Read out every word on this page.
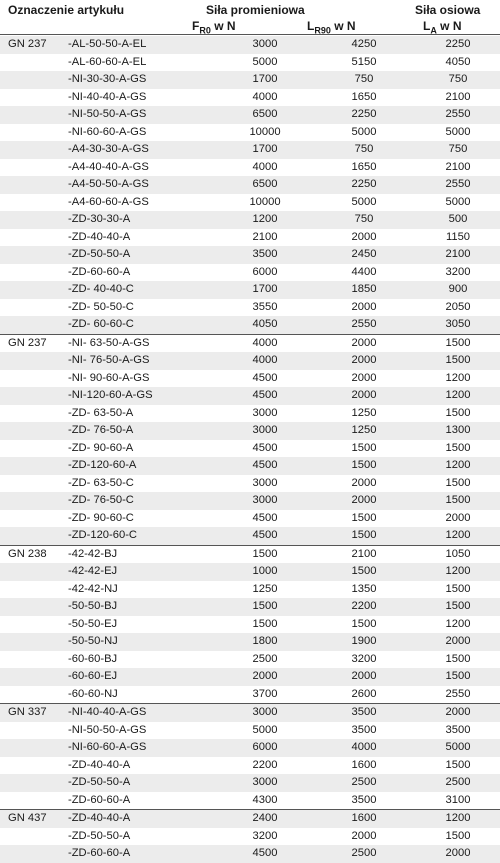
Oznaczenie artykułu	Siła promieniowa	Siła osiowa
$F_{R0}$ w N	$L_{R90}$ w N	$L_A$ w N
GN 237	-AL-50-50-A-EL	3000	4250	2250
	-AL-60-60-A-EL	5000	5150	4050
	-NI-30-30-A-GS	1700	750	750
	-NI-40-40-A-GS	4000	1650	2100
	-NI-50-50-A-GS	6500	2250	2550
	-NI-60-60-A-GS	10000	5000	5000
	-A4-30-30-A-GS	1700	750	750
	-A4-40-40-A-GS	4000	1650	2100
	-A4-50-50-A-GS	6500	2250	2550
	-A4-60-60-A-GS	10000	5000	5000
	-ZD-30-30-A	1200	750	500
	-ZD-40-40-A	2100	2000	1150
	-ZD-50-50-A	3500	2450	2100
	-ZD-60-60-A	6000	4400	3200
	-ZD- 40-40-C	1700	1850	900
	-ZD- 50-50-C	3550	2000	2050
	-ZD- 60-60-C	4050	2550	3050
GN 237	-NI- 63-50-A-GS	4000	2000	1500
	-NI- 76-50-A-GS	4000	2000	1500
	-NI- 90-60-A-GS	4500	2000	1200
	-NI-120-60-A-GS	4500	2000	1200
	-ZD- 63-50-A	3000	1250	1500
	-ZD- 76-50-A	3000	1250	1300
	-ZD- 90-60-A	4500	1500	1500
	-ZD-120-60-A	4500	1500	1200
	-ZD- 63-50-C	3000	2000	1500
	-ZD- 76-50-C	3000	2000	1500
	-ZD- 90-60-C	4500	1500	2000
	-ZD-120-60-C	4500	1500	1200
GN 238	-42-42-BJ	1500	2100	1050
	-42-42-EJ	1000	1500	1200
	-42-42-NJ	1250	1350	1500
	-50-50-BJ	1500	2200	1500
	-50-50-EJ	1500	1500	1200
	-50-50-NJ	1800	1900	2000
	-60-60-BJ	2500	3200	1500
	-60-60-EJ	2000	2000	1500
	-60-60-NJ	3700	2600	2550
GN 337	-NI-40-40-A-GS	3000	3500	2000
	-NI-50-50-A-GS	5000	3500	3500
	-NI-60-60-A-GS	6000	4000	5000
	-ZD-40-40-A	2200	1600	1500
	-ZD-50-50-A	3000	2500	2500
	-ZD-60-60-A	4300	3500	3100
GN 437	-ZD-40-40-A	2400	1600	1200
	-ZD-50-50-A	3200	2000	1500
	-ZD-60-60-A	4500	2500	2000
